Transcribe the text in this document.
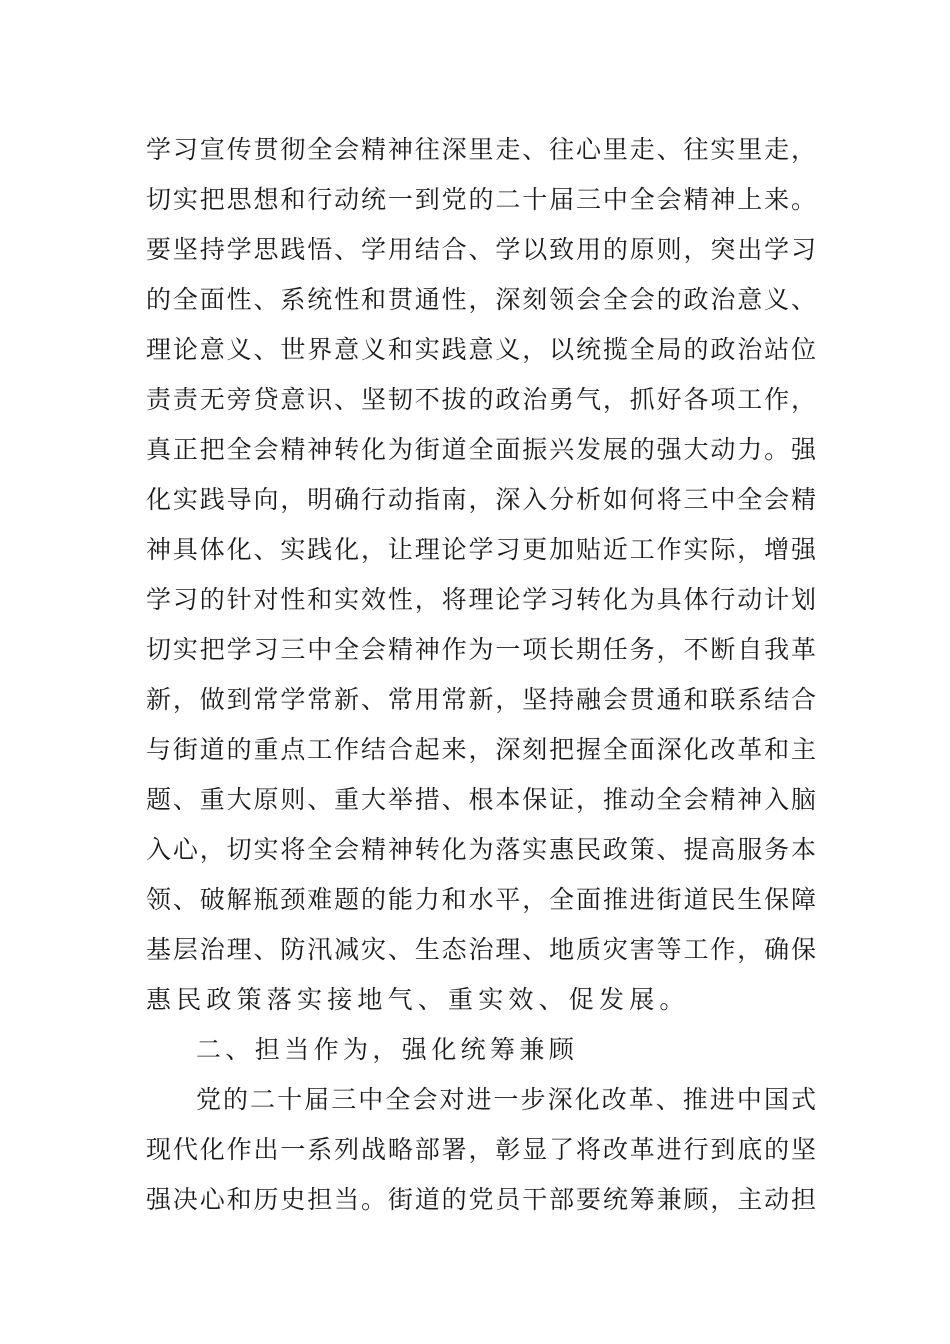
学习宣传贯彻全会精神往深里走、往心里走、往实里走，
切实把思想和行动统一到党的二十届三中全会精神上来。
要坚持学思践悟、学用结合、学以致用的原则，突出学习
的全面性、系统性和贯通性，深刻领会全会的政治意义、
理论意义、世界意义和实践意义，以统揽全局的政治站位
责责无旁贷意识、坚韧不拔的政治勇气，抓好各项工作，
真正把全会精神转化为街道全面振兴发展的强大动力。强
化实践导向，明确行动指南，深入分析如何将三中全会精
神具体化、实践化，让理论学习更加贴近工作实际，增强
学习的针对性和实效性，将理论学习转化为具体行动计划
切实把学习三中全会精神作为一项长期任务，不断自我革
新，做到常学常新、常用常新，坚持融会贯通和联系结合
与街道的重点工作结合起来，深刻把握全面深化改革和主
题、重大原则、重大举措、根本保证，推动全会精神入脑
入心，切实将全会精神转化为落实惠民政策、提高服务本
领、破解瓶颈难题的能力和水平，全面推进街道民生保障
基层治理、防汛减灾、生态治理、地质灾害等工作，确保
惠民政策落实接地气、重实效、促发展。
二、担当作为，强化统筹兼顾
党的二十届三中全会对进一步深化改革、推进中国式
现代化作出一系列战略部署，彰显了将改革进行到底的坚
强决心和历史担当。街道的党员干部要统筹兼顾，主动担
